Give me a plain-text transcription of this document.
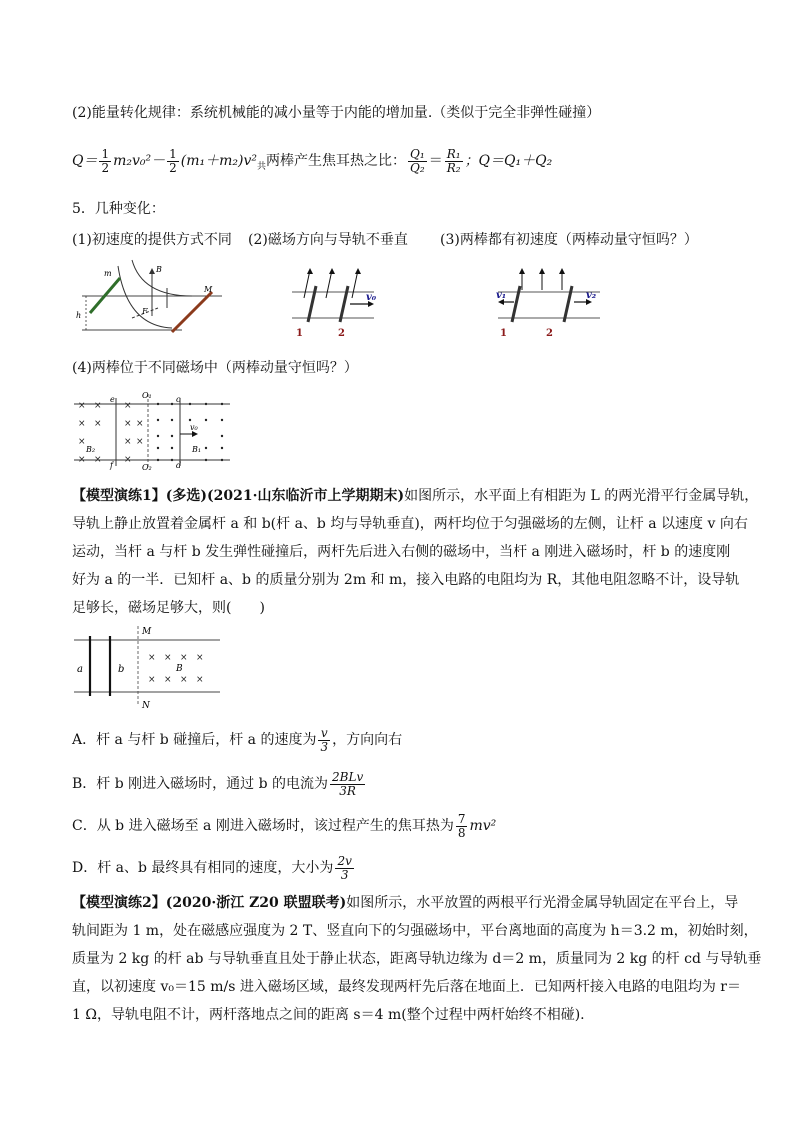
(2)能量转化规律：系统机械能的减小量等于内能的增加量.（类似于完全非弹性碰撞）
$Q= \frac{1}{2} m_2v_0^2- \frac{1}{2} (m_1+m_2)v^2_共$两棒产生焦耳热之比： $\frac{\text{Q₁}}{\text{Q₂}} = \frac{\text{R₁}}{\text{R₂}}$ ；Q＝Q₁＋Q₂
5．几种变化：
(1)初速度的提供方式不同 (2)磁场方向与导轨不垂直 (3)两棒都有初速度（两棒动量守恒吗？）
m	B
F
M
h
v₀
1	2
v₁	v₂
1	2
(4)两棒位于不同磁场中（两棒动量守恒吗？）
× × ×
× × × ×
×	× ×
× × ×
O₁
O₂
e
f
c
d
B₂	B₁
v₀
【模型演练1】(多选)(2021·山东临沂市上学期期末)如图所示，水平面上有相距为 L 的两光滑平行金属导轨，
导轨上静止放置着金属杆 a 和 b(杆 a、b 均与导轨垂直)，两杆均位于匀强磁场的左侧，让杆 a 以速度 v 向右
运动，当杆 a 与杆 b 发生弹性碰撞后，两杆先后进入右侧的磁场中，当杆 a 刚进入磁场时，杆 b 的速度刚
好为 a 的一半．已知杆 a、b 的质量分别为 2m 和 m，接入电路的电阻均为 R，其他电阻忽略不计，设导轨
足够长，磁场足够大，则(　　)
× × × ×
× × × ×
M
N
a	b	B
A．杆 a 与杆 b 碰撞后，杆 a 的速度为 $\frac{v}{3}$ ，方向向右
B．杆 b 刚进入磁场时，通过 b 的电流为 $\frac{\text{2BLv}}{3R}$
C．从 b 进入磁场至 a 刚进入磁场时，该过程产生的焦耳热为 $\frac{7}{8} mv^2$
D．杆 a、b 最终具有相同的速度，大小为 $\frac{2v}{3}$
【模型演练2】(2020·浙江 Z20 联盟联考)如图所示，水平放置的两根平行光滑金属导轨固定在平台上，导
轨间距为 1 m，处在磁感应强度为 2 T、竖直向下的匀强磁场中，平台离地面的高度为 h＝3.2 m，初始时刻，
质量为 2 kg 的杆 ab 与导轨垂直且处于静止状态，距离导轨边缘为 d＝2 m，质量同为 2 kg 的杆 cd 与导轨垂
直，以初速度 v₀＝15 m/s 进入磁场区域，最终发现两杆先后落在地面上．已知两杆接入电路的电阻均为 r＝
1 Ω，导轨电阻不计，两杆落地点之间的距离 s＝4 m(整个过程中两杆始终不相碰).
